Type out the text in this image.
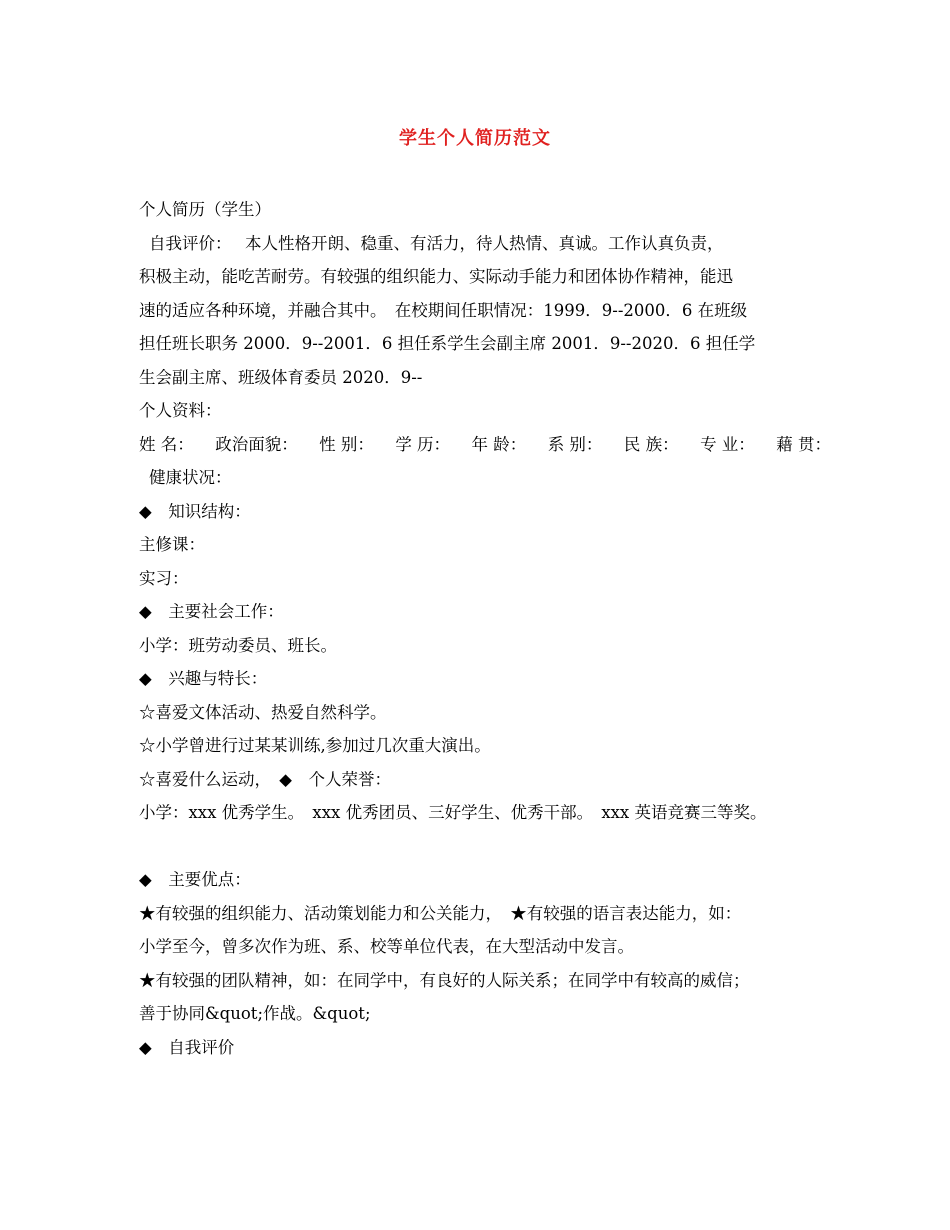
学生个人简历范文
个人简历（学生）
自我评价：　 本人性格开朗、稳重、有活力，待人热情、真诚。工作认真负责，
积极主动，能吃苦耐劳。有较强的组织能力、实际动手能力和团体协作精神，能迅
速的适应各种环境，并融合其中。　在校期间任职情况：1999．9--2000．6 在班级
担任班长职务 2000．9--2001．6 担任系学生会副主席 2001．9--2020．6 担任学
生会副主席、班级体育委员 2020．9--
个人资料：
姓 名： 政治面貌： 性 别： 学 历： 年 龄： 系 别： 民 族： 专 业： 藉 贯：
健康状况：
◆　知识结构：
主修课：
实习：
◆　主要社会工作：
小学：班劳动委员、班长。
◆　兴趣与特长：
☆喜爱文体活动、热爱自然科学。
☆小学曾进行过某某训练,参加过几次重大演出。
☆喜爱什么运动，　◆　个人荣誉：
小学：xxx 优秀学生。　xxx 优秀团员、三好学生、优秀干部。　xxx 英语竞赛三等奖。
◆　主要优点：
★有较强的组织能力、活动策划能力和公关能力，　★有较强的语言表达能力，如：
小学至今，曾多次作为班、系、校等单位代表，在大型活动中发言。
★有较强的团队精神，如：在同学中，有良好的人际关系；在同学中有较高的威信；
善于协同&quot;作战。&quot;
◆　自我评价
